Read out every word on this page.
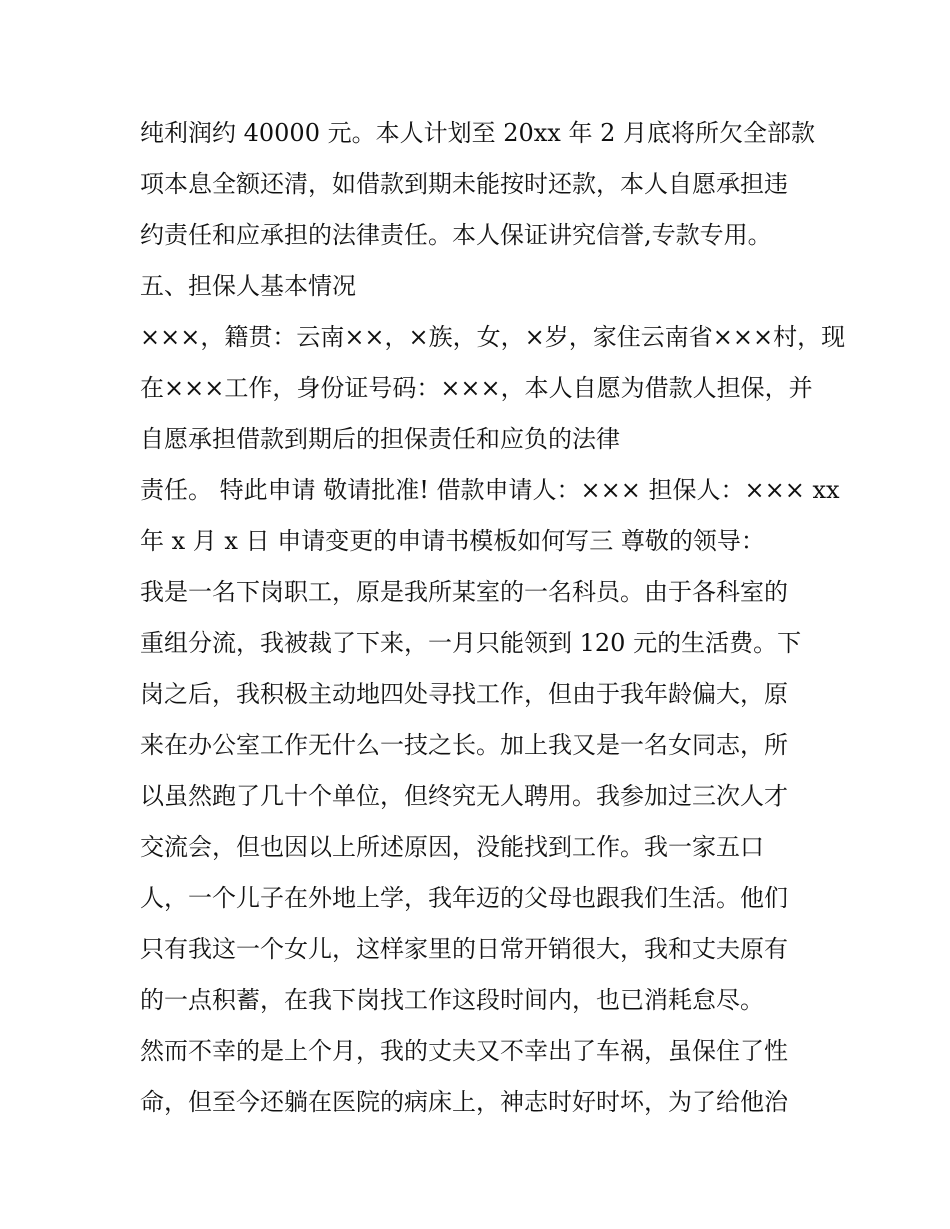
纯利润约 40000 元。本人计划至 20xx 年 2 月底将所欠全部款
项本息全额还清，如借款到期未能按时还款，本人自愿承担违
约责任和应承担的法律责任。本人保证讲究信誉,专款专用。
五、担保人基本情况
×××，籍贯：云南××，×族，女，×岁，家住云南省×××村，现
在×××工作，身份证号码：×××，本人自愿为借款人担保，并
自愿承担借款到期后的担保责任和应负的法律
责任。 特此申请 敬请批准! 借款申请人：××× 担保人：××× xx
年 x 月 x 日 申请变更的申请书模板如何写三 尊敬的领导：
我是一名下岗职工，原是我所某室的一名科员。由于各科室的
重组分流，我被裁了下来，一月只能领到 120 元的生活费。下
岗之后，我积极主动地四处寻找工作，但由于我年龄偏大，原
来在办公室工作无什么一技之长。加上我又是一名女同志，所
以虽然跑了几十个单位，但终究无人聘用。我参加过三次人才
交流会，但也因以上所述原因，没能找到工作。我一家五口
人，一个儿子在外地上学，我年迈的父母也跟我们生活。他们
只有我这一个女儿，这样家里的日常开销很大，我和丈夫原有
的一点积蓄，在我下岗找工作这段时间内，也已消耗怠尽。
然而不幸的是上个月，我的丈夫又不幸出了车祸，虽保住了性
命，但至今还躺在医院的病床上，神志时好时坏，为了给他治
